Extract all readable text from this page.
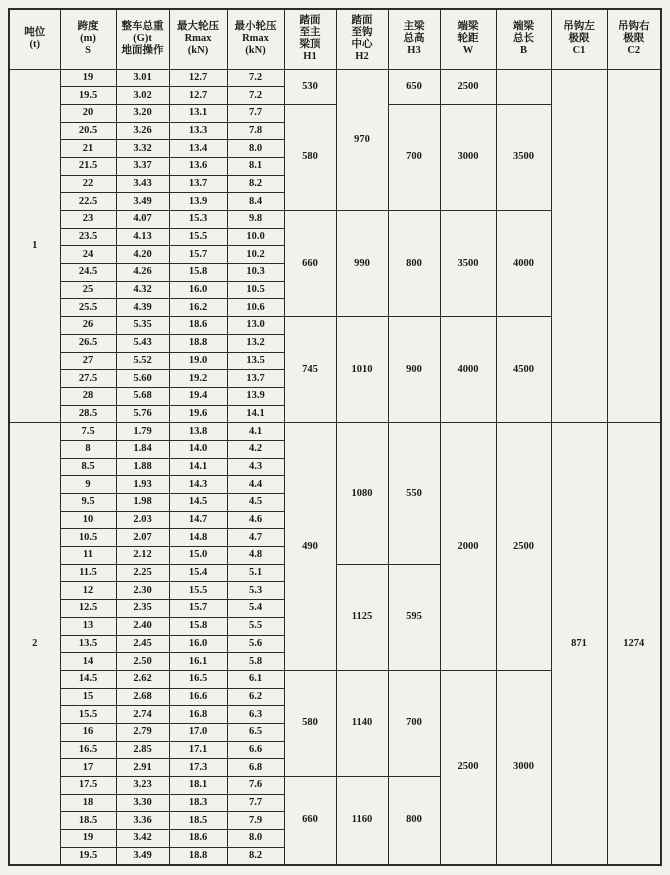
吨位
(t)

跨度
(m)
S

整车总重
(G)t
地面操作

最大轮压
Rmax
(kN)

最小轮压
Rmax
(kN)

踏面
至主
梁顶
H1

踏面
至钩
中心
H2

主梁
总高
H3

端梁
轮距
W

端梁
总长
B

吊钩左
极限
C1

吊钩右
极限
C2

1	19	3.01	12.7	7.2	530	970	650	2500			
	19.5	3.02	12.7	7.2							
	20	3.20	13.1	7.7	580		700	3000	3500		
	20.5	3.26	13.3	7.8							
	21	3.32	13.4	8.0							
	21.5	3.37	13.6	8.1							
	22	3.43	13.7	8.2							
	22.5	3.49	13.9	8.4							
	23	4.07	15.3	9.8	660	990	800	3500	4000		
	23.5	4.13	15.5	10.0							
	24	4.20	15.7	10.2							
	24.5	4.26	15.8	10.3							
	25	4.32	16.0	10.5							
	25.5	4.39	16.2	10.6							
	26	5.35	18.6	13.0	745	1010	900	4000	4500		
	26.5	5.43	18.8	13.2							
	27	5.52	19.0	13.5							
	27.5	5.60	19.2	13.7							
	28	5.68	19.4	13.9							
	28.5	5.76	19.6	14.1							
2	7.5	1.79	13.8	4.1	490	1080	550	2000	2500	871	1274
	8	1.84	14.0	4.2							
	8.5	1.88	14.1	4.3							
	9	1.93	14.3	4.4							
	9.5	1.98	14.5	4.5							
	10	2.03	14.7	4.6							
	10.5	2.07	14.8	4.7							
	11	2.12	15.0	4.8							
	11.5	2.25	15.4	5.1		1125	595				
	12	2.30	15.5	5.3							
	12.5	2.35	15.7	5.4							
	13	2.40	15.8	5.5							
	13.5	2.45	16.0	5.6							
	14	2.50	16.1	5.8							
	14.5	2.62	16.5	6.1	580	1140	700	2500	3000		
	15	2.68	16.6	6.2							
	15.5	2.74	16.8	6.3							
	16	2.79	17.0	6.5							
	16.5	2.85	17.1	6.6							
	17	2.91	17.3	6.8							
	17.5	3.23	18.1	7.6	660	1160	800				
	18	3.30	18.3	7.7							
	18.5	3.36	18.5	7.9							
	19	3.42	18.6	8.0							
	19.5	3.49	18.8	8.2							
